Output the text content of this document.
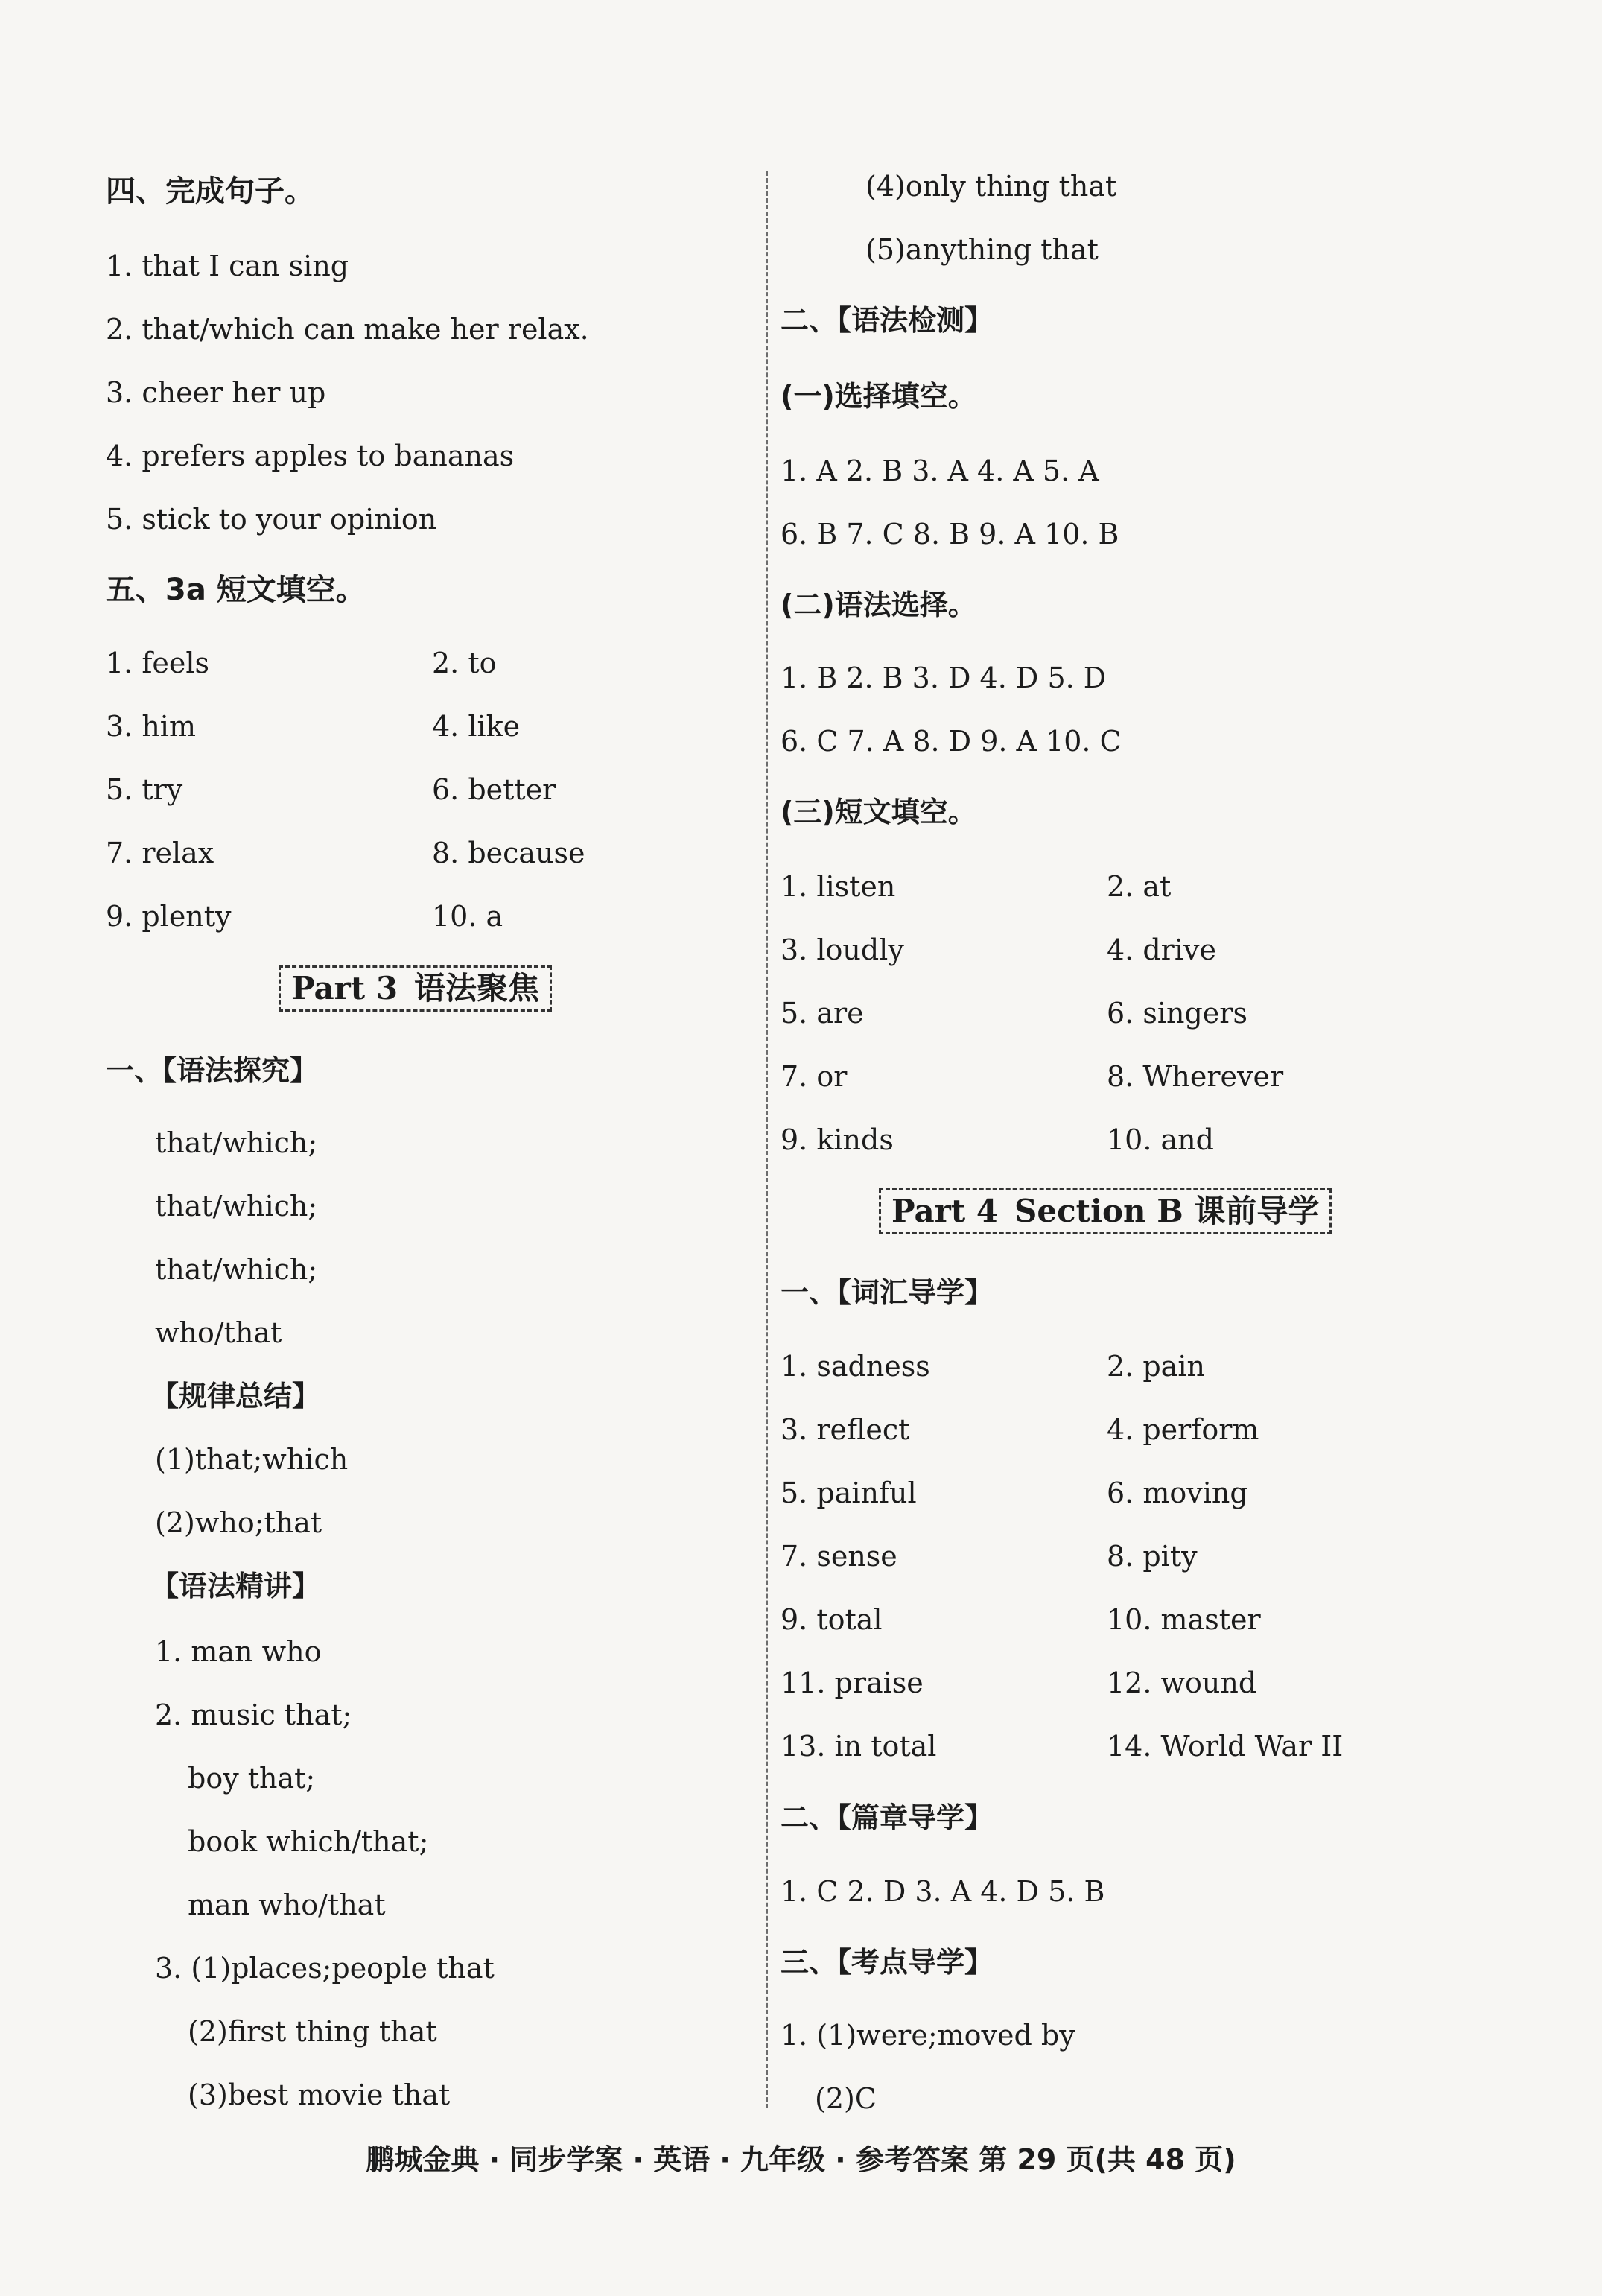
四、完成句子。
1. that I can sing
2. that/which can make her relax.
3. cheer her up
4. prefers apples to bananas
5. stick to your opinion
五、3a 短文填空。
1. feels	2. to
3. him	4. like
5. try	6. better
7. relax	8. because
9. plenty	10. a
Part 3 语法聚焦
一、【语法探究】
that/which;
that/which;
that/which;
who/that
【规律总结】
(1)that;which
(2)who;that
【语法精讲】
1. man who
2. music that;
boy that;
book which/that;
man who/that
3. (1)places;people that
(2)first thing that
(3)best movie that
(4)only thing that
(5)anything that
二、【语法检测】
(一)选择填空。
1. A 2. B 3. A 4. A 5. A
6. B 7. C 8. B 9. A 10. B
(二)语法选择。
1. B 2. B 3. D 4. D 5. D
6. C 7. A 8. D 9. A 10. C
(三)短文填空。
1. listen	2. at
3. loudly	4. drive
5. are	6. singers
7. or	8. Wherever
9. kinds	10. and
Part 4 Section B 课前导学
一、【词汇导学】
1. sadness	2. pain
3. reflect	4. perform
5. painful	6. moving
7. sense	8. pity
9. total	10. master
11. praise	12. wound
13. in total	14. World War II
二、【篇章导学】
1. C 2. D 3. A 4. D 5. B
三、【考点导学】
1. (1)were;moved by
(2)C
鹏城金典 · 同步学案 · 英语 · 九年级 · 参考答案 第 29 页(共 48 页)
